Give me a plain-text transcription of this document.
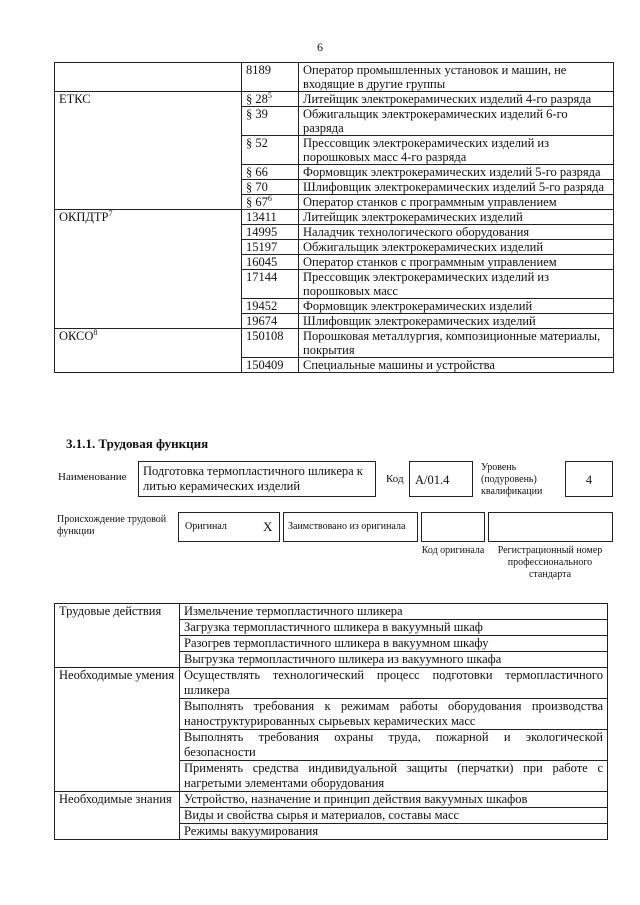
6
	8189	Оператор промышленных установок и машин, не входящие в другие группы
ЕТКС	§ $28^5$	Литейщик электрокерамических изделий 4-го разряда
	§ 39	Обжигальщик электрокерамических изделий 6-го разряда
	§ 52	Прессовщик электрокерамических изделий из порошковых масс 4-го разряда
	§ 66	Формовщик электрокерамических изделий 5-го разряда
	§ 70	Шлифовщик электрокерамических изделий 5-го разряда
	§ $67^6$	Оператор станков с программным управлением
ОКПДТР$^7$	13411	Литейщик электрокерамических изделий
	14995	Наладчик технологического оборудования
	15197	Обжигальщик электрокерамических изделий
	16045	Оператор станков с программным управлением
	17144	Прессовщик электрокерамических изделий из порошковых масс
	19452	Формовщик электрокерамических изделий
	19674	Шлифовщик электрокерамических изделий
ОКСО$^8$	150108	Порошковая металлургия, композиционные материалы, покрытия
	150409	Специальные машины и устройства
3.1.1. Трудовая функция
Наименование	Подготовка термопластичного шликера к литью керамических изделий	Код А/01.4
Уровень (подуровень) квалификации
4
Происхождение трудовой функции	Оригинал	X	Заимствовано из оригинала
Код оригинала Регистрационный номер профессионального стандарта
Трудовые действия	Измельчение термопластичного шликера
	Загрузка термопластичного шликера в вакуумный шкаф
	Разогрев термопластичного шликера в вакуумном шкафу
	Выгрузка термопластичного шликера из вакуумного шкафа
Необходимые умения	Осуществлять технологический процесс подготовки термопластичного шликера
	Выполнять требования к режимам работы оборудования производства наноструктурированных сырьевых керамических масс
	Выполнять требования охраны труда, пожарной и экологической безопасности
	Применять средства индивидуальной защиты (перчатки) при работе с нагретыми элементами оборудования
Необходимые знания	Устройство, назначение и принцип действия вакуумных шкафов
	Виды и свойства сырья и материалов, составы масс
	Режимы вакуумирования
